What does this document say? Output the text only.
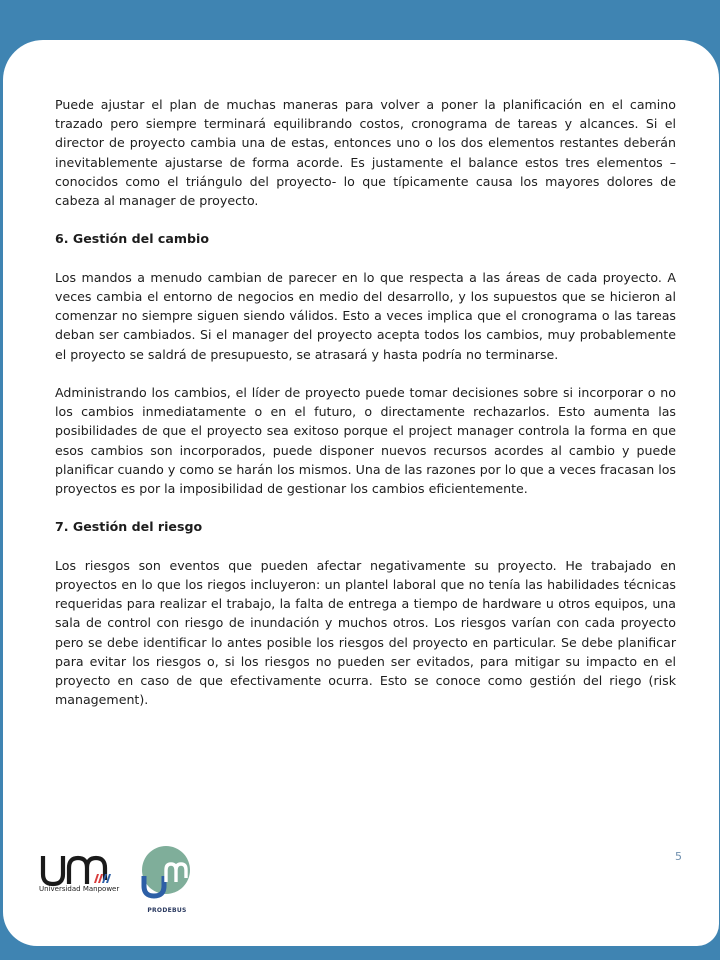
Puede ajustar el plan de muchas maneras para volver a poner la planificación en el camino trazado pero siempre terminará equilibrando costos, cronograma de tareas y alcances. Si el director de proyecto cambia una de estas, entonces uno o los dos elementos restantes deberán inevitablemente ajustarse de forma acorde. Es justamente el balance estos tres elementos –conocidos como el triángulo del proyecto- lo que típicamente causa los mayores dolores de cabeza al manager de proyecto.

6. Gestión del cambio

Los mandos a menudo cambian de parecer en lo que respecta a las áreas de cada proyecto. A veces cambia el entorno de negocios en medio del desarrollo, y los supuestos que se hicieron al comenzar no siempre siguen siendo válidos. Esto a veces implica que el cronograma o las tareas deban ser cambiados. Si el manager del proyecto acepta todos los cambios, muy probablemente el proyecto se saldrá de presupuesto, se atrasará y hasta podría no terminarse.

Administrando los cambios, el líder de proyecto puede tomar decisiones sobre si incorporar o no los cambios inmediatamente o en el futuro, o directamente rechazarlos. Esto aumenta las posibilidades de que el proyecto sea exitoso porque el project manager controla la forma en que esos cambios son incorporados, puede disponer nuevos recursos acordes al cambio y puede planificar cuando y como se harán los mismos. Una de las razones por lo que a veces fracasan los proyectos es por la imposibilidad de gestionar los cambios eficientemente.

7. Gestión del riesgo

Los riesgos son eventos que pueden afectar negativamente su proyecto. He trabajado en proyectos en lo que los riegos incluyeron: un plantel laboral que no tenía las habilidades técnicas requeridas para realizar el trabajo, la falta de entrega a tiempo de hardware u otros equipos, una sala de control con riesgo de inundación y muchos otros. Los riesgos varían con cada proyecto pero se debe identificar lo antes posible los riesgos del proyecto en particular. Se debe planificar para evitar los riesgos o, si los riesgos no pueden ser evitados, para mitigar su impacto en el proyecto en caso de que efectivamente ocurra. Esto se conoce como gestión del riego (risk management).

5
Universidad Manpower
PRODEBUS
